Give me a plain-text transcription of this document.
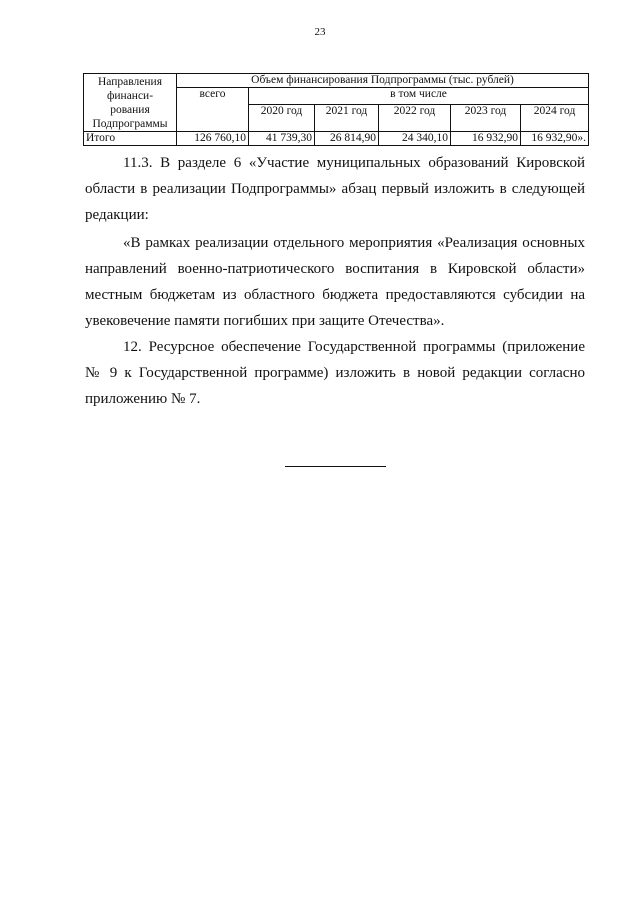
23
Направления
финанси-
рования
Подпрограммы	Объем финансирования Подпрограммы (тыс. рублей)					
	всего	в том числе				
		2020 год	2021 год	2022 год	2023 год	2024 год
Итого	126 760,10	41 739,30	26 814,90	24 340,10	16 932,90	16 932,90».

11.3. В разделе 6 «Участие муниципальных образований Кировской области в реализации Подпрограммы» абзац первый изложить в следующей редакции:

«В рамках реализации отдельного мероприятия «Реализация основных направлений военно-патриотического воспитания в Кировской области» местным бюджетам из областного бюджета предоставляются субсидии на увековечение памяти погибших при защите Отечества».

12. Ресурсное обеспечение Государственной программы (приложение № 9 к Государственной программе) изложить в новой редакции согласно приложению № 7.
